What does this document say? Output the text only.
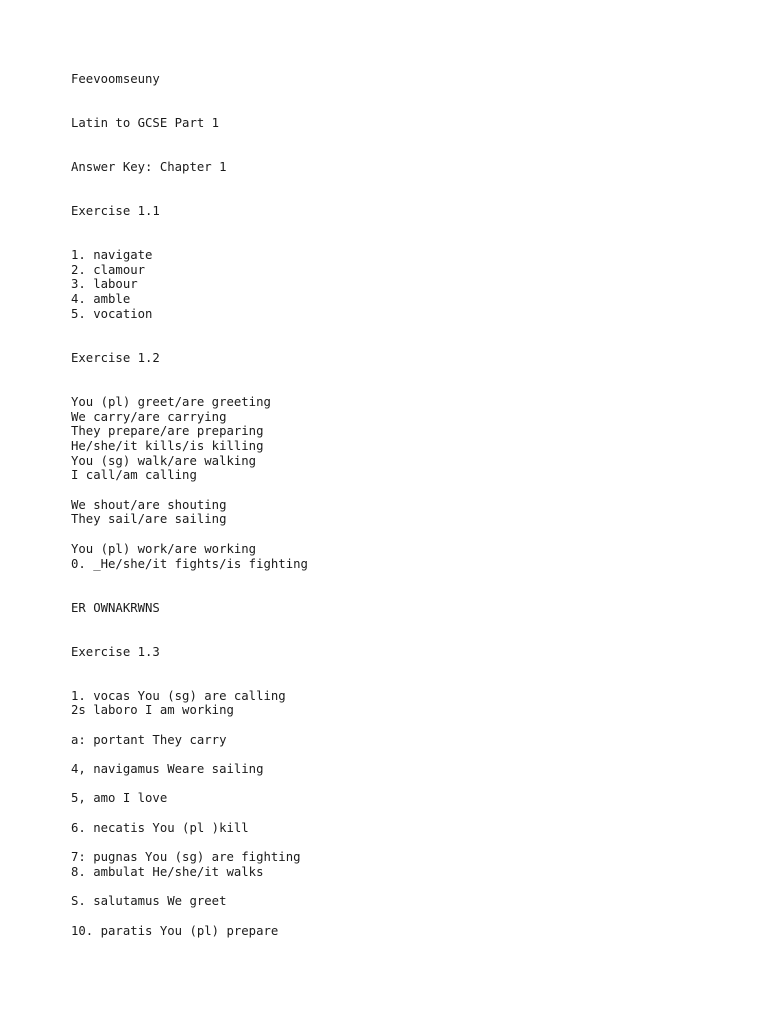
Feevoomseuny
Latin to GCSE Part 1
Answer Key: Chapter 1
Exercise 1.1
1. navigate
2. clamour
3. labour
4. amble
5. vocation
Exercise 1.2
You (pl) greet/are greeting
We carry/are carrying
They prepare/are preparing
He/she/it kills/is killing
You (sg) walk/are walking
I call/am calling
We shout/are shouting
They sail/are sailing
You (pl) work/are working
0. _He/she/it fights/is fighting
ER OWNAKRWNS
Exercise 1.3
1. vocas You (sg) are calling
2s laboro I am working
a: portant They carry
4, navigamus Weare sailing
5, amo I love
6. necatis You (pl )kill
7: pugnas You (sg) are fighting
8. ambulat He/she/it walks
S. salutamus We greet
10. paratis You (pl) prepare
